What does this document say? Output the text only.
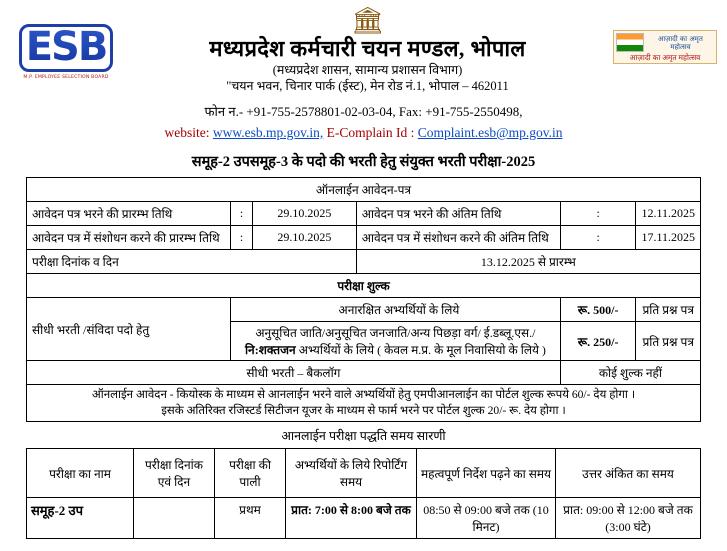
ESB
M.P. EMPLOYEE SELECTION BOARD
🏛
मध्यप्रदेश कर्मचारी चयन मण्डल, भोपाल
(मध्यप्रदेश शासन, सामान्य प्रशासन विभाग)
"चयन भवन, चिनार पार्क (ईस्ट), मेन रोड नं.1, भोपाल – 462011
आज़ादी का अमृत महोत्सव
आज़ादी का अमृत महोत्सव
फोन न.- +91-755-2578801-02-03-04, Fax: +91-755-2550498,
website: www.esb.mp.gov.in, E-Complain Id : Complaint.esb@mp.gov.in
समूह-2 उपसमूह-3 के पदो की भरती हेतु संयुक्त भरती परीक्षा-2025
ऑनलाईन आवेदन-पत्र					
आवेदन पत्र भरने की प्रारम्भ तिथि	:	29.10.2025	आवेदन पत्र भरने की अंतिम तिथि	:	12.11.2025
आवेदन पत्र में संशोधन करने की प्रारम्भ तिथि	:	29.10.2025	आवेदन पत्र में संशोधन करने की अंतिम तिथि	:	17.11.2025
परीक्षा दिनांक व दिन			13.12.2025 से प्रारम्भ		
परीक्षा शुल्क					
सीधी भरती /संविदा पदो हेतु	अनारक्षित अभ्यर्थियों के लिये			रू. 500/-	प्रति प्रश्न पत्र

	अनुसूचित जाति/अनुसूचित जनजाति/अन्य पिछड़ा वर्ग/ ई.डब्लू.एस./
नि:शक्तजन अभ्यर्थियों के लिये ( केवल म.प्र. के मूल निवासियो के लिये )			रू. 250/-	प्रति प्रश्न पत्र
सीधी भरती – बैकलॉग				कोई शुल्क नहीं	

ऑनलाईन आवेदन - कियोस्क के माध्यम से आनलाईन भरने वाले अभ्यर्थियों हेतु एमपीआनलाईन का पोर्टल शुल्क रूपये 60/- देय होगा ।
इसके अतिरिक्त रजिस्टर्ड सिटीजन यूजर के माध्यम से फार्म भरने पर पोर्टल शुल्क 20/- रू. देय होगा ।					
आनलाईन परीक्षा पद्धति समय सारणी
परीक्षा का नाम	परीक्षा दिनांक एवं दिन	परीक्षा की पाली	अभ्यर्थियों के लिये रिपोर्टिंग समय	महत्वपूर्ण निर्देश पढ़ने का समय	उत्तर अंकित का समय
समूह-2 उप		प्रथम	प्रात: 7:00 से 8:00 बजे तक	08:50 से 09:00 बजे तक (10 मिनट)	प्रात: 09:00 से 12:00 बजे तक (3:00 घंटे)
